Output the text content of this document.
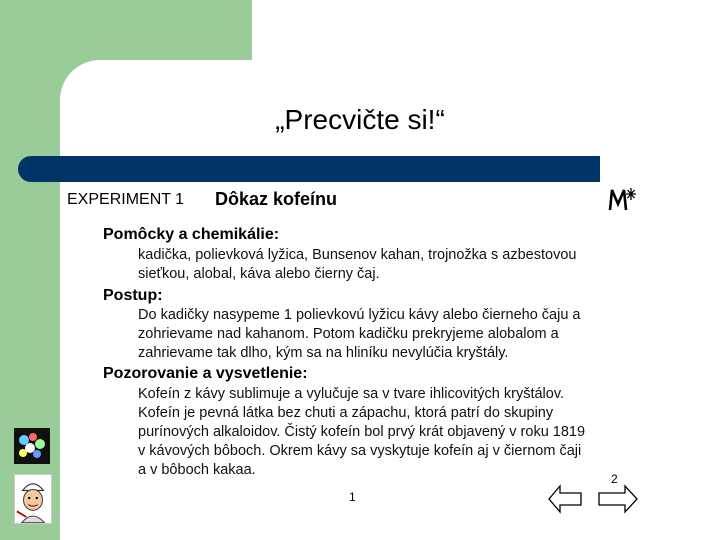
„Precvičte si!“
EXPERIMENT 1 Dôkaz kofeínu
Pomôcky a chemikálie:
kadička, polievková lyžica, Bunsenov kahan, trojnožka s azbestovou
sieťkou, alobal, káva alebo čierny čaj.
Postup:
Do kadičky nasypeme 1 polievkovú lyžicu kávy alebo čierneho čaju a
zohrievame nad kahanom. Potom kadičku prekryjeme alobalom a
zahrievame tak dlho, kým sa na hliníku nevylúčia kryštály.
Pozorovanie a vysvetlenie:
Kofeín z kávy sublimuje a vylučuje sa v tvare ihlicovitých kryštálov.
Kofeín je pevná látka bez chuti a zápachu, ktorá patrí do skupiny
purínových alkaloidov. Čistý kofeín bol prvý krát objavený v roku 1819
v kávových bôboch. Okrem kávy sa vyskytuje kofeín aj v čiernom čaji
a v bôboch kakaa.
1
2
